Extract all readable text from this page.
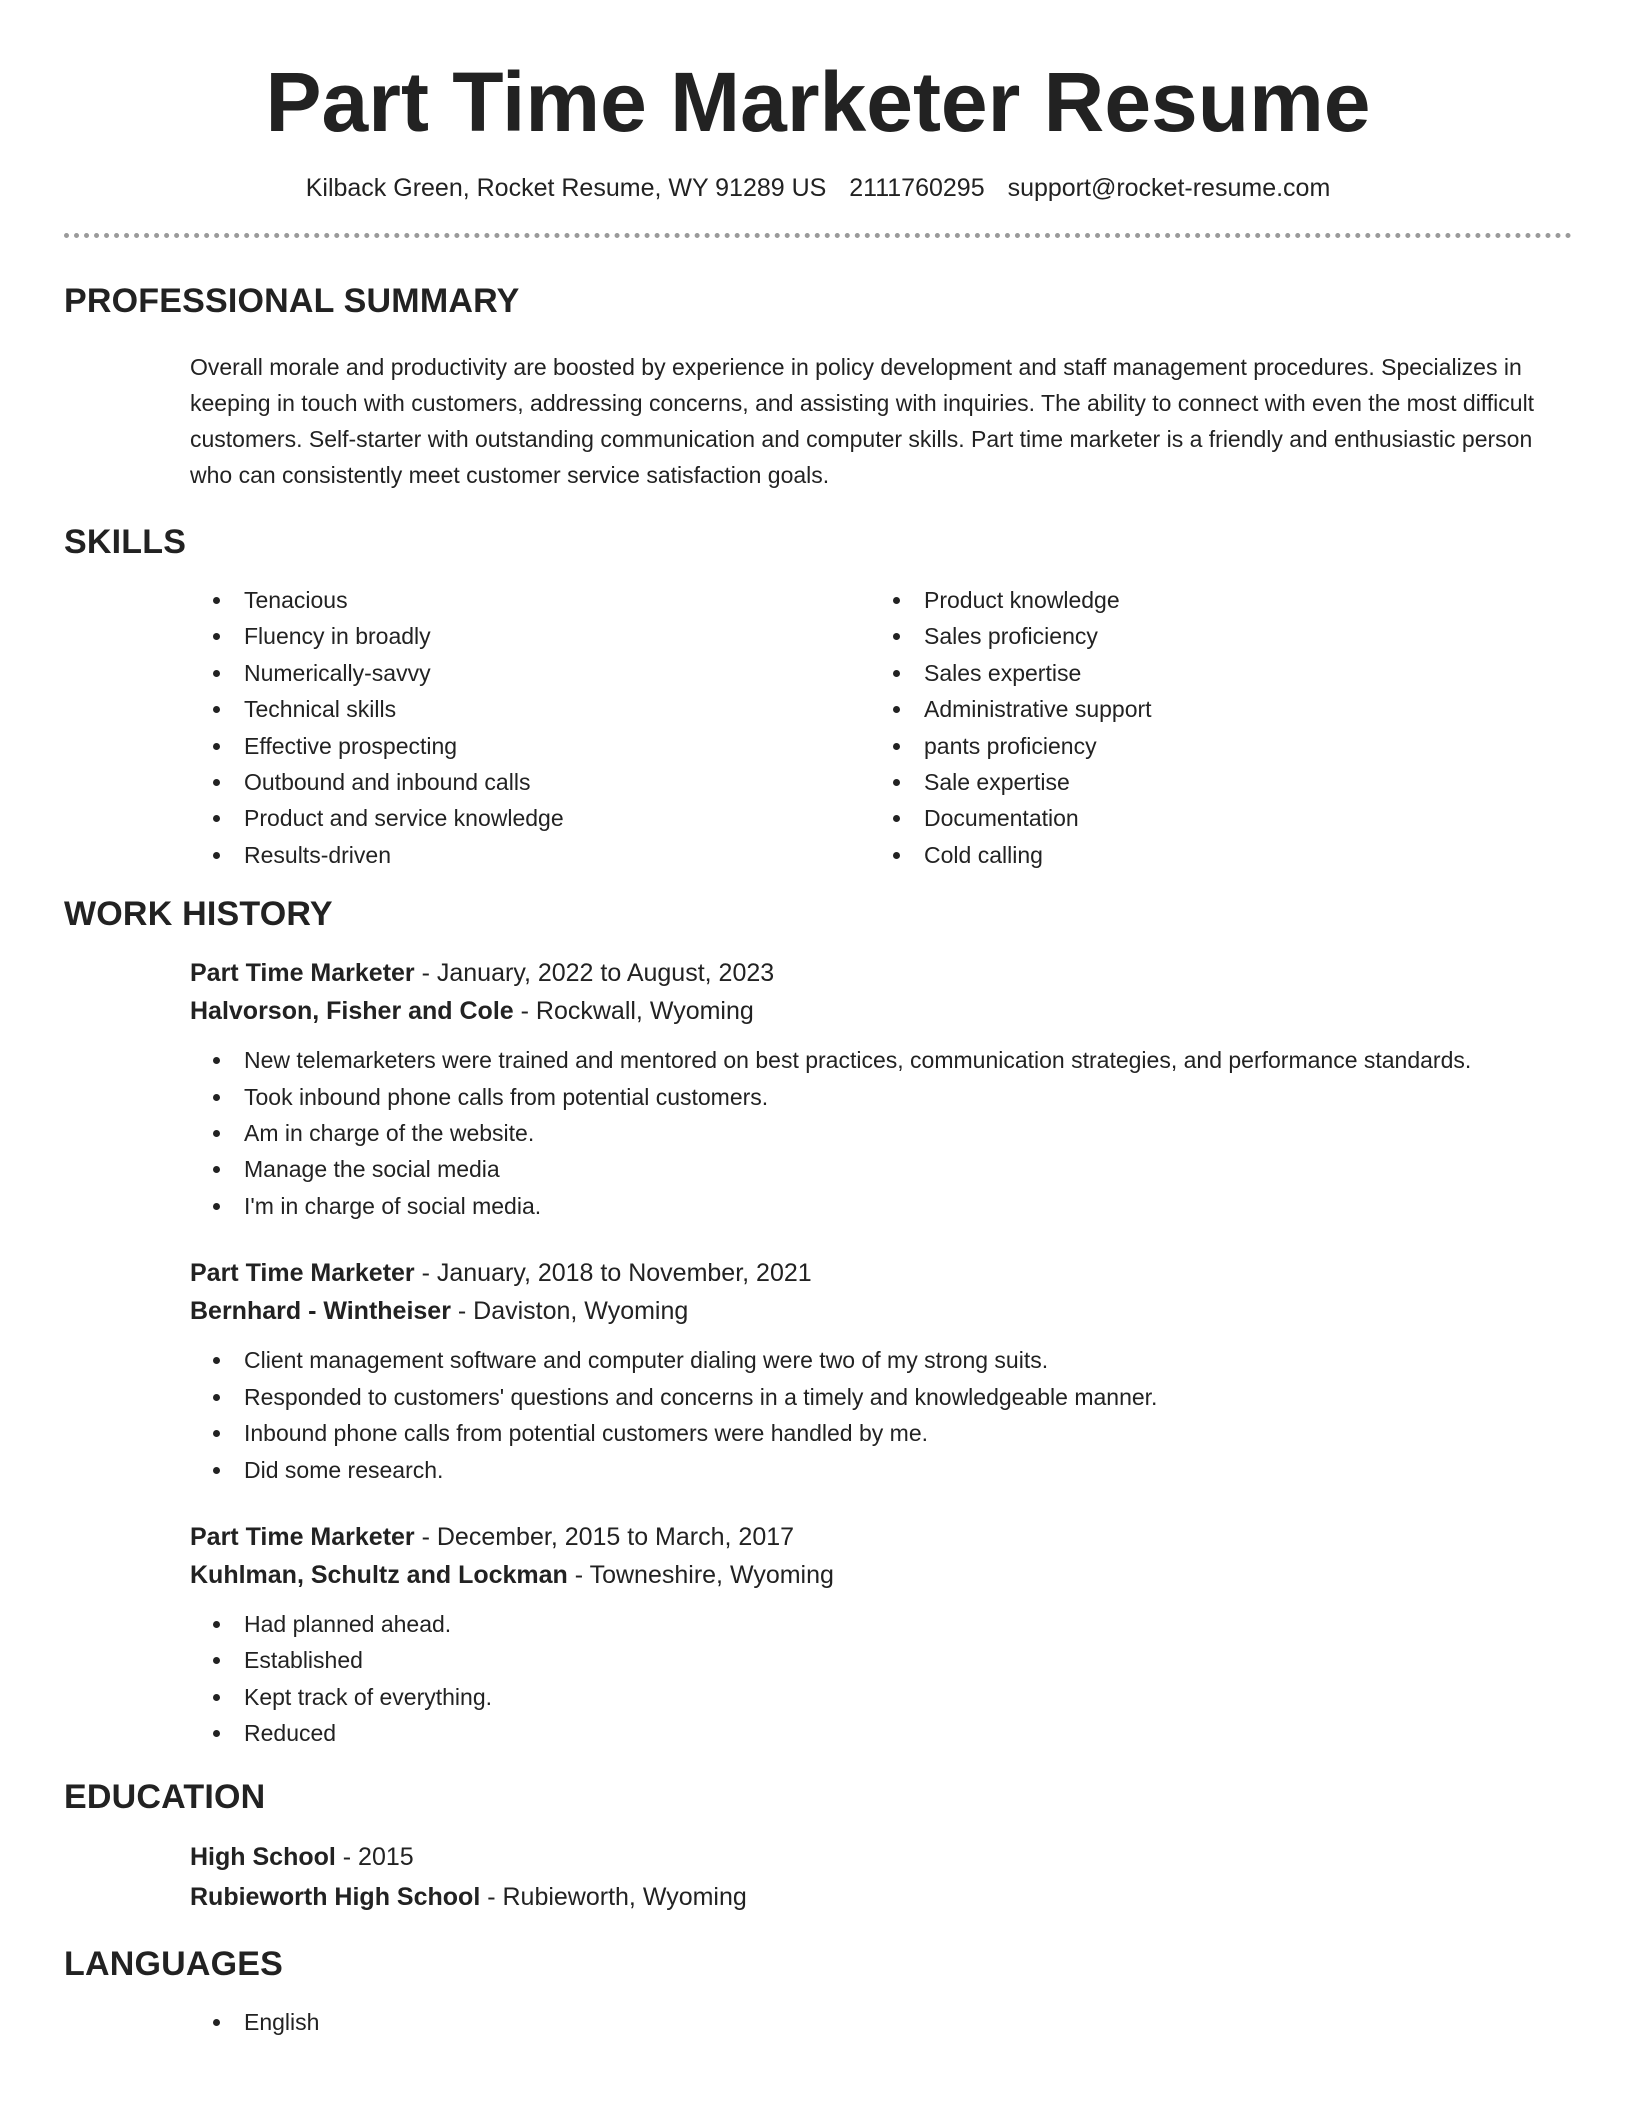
Part Time Marketer Resume
Kilback Green, Rocket Resume, WY 91289 US 2111760295 support@rocket-resume.com
PROFESSIONAL SUMMARY

Overall morale and productivity are boosted by experience in policy development and staff management procedures. Specializes in keeping in touch with customers, addressing concerns, and assisting with inquiries. The ability to connect with even the most difficult customers. Self-starter with outstanding communication and computer skills. Part time marketer is a friendly and enthusiastic person who can consistently meet customer service satisfaction goals.

SKILLS
• Tenacious
• Fluency in broadly
• Numerically-savvy
• Technical skills
• Effective prospecting
• Outbound and inbound calls
• Product and service knowledge
• Results-driven
• Product knowledge
• Sales proficiency
• Sales expertise
• Administrative support
• pants proficiency
• Sale expertise
• Documentation
• Cold calling
WORK HISTORY
Part Time Marketer - January, 2022 to August, 2023
Halvorson, Fisher and Cole - Rockwall, Wyoming
• New telemarketers were trained and mentored on best practices, communication strategies, and performance standards.
• Took inbound phone calls from potential customers.
• Am in charge of the website.
• Manage the social media
• I'm in charge of social media.
Part Time Marketer - January, 2018 to November, 2021
Bernhard - Wintheiser - Daviston, Wyoming
• Client management software and computer dialing were two of my strong suits.
• Responded to customers' questions and concerns in a timely and knowledgeable manner.
• Inbound phone calls from potential customers were handled by me.
• Did some research.
Part Time Marketer - December, 2015 to March, 2017
Kuhlman, Schultz and Lockman - Towneshire, Wyoming
• Had planned ahead.
• Established
• Kept track of everything.
• Reduced
EDUCATION
High School - 2015
Rubieworth High School - Rubieworth, Wyoming
LANGUAGES
• English
